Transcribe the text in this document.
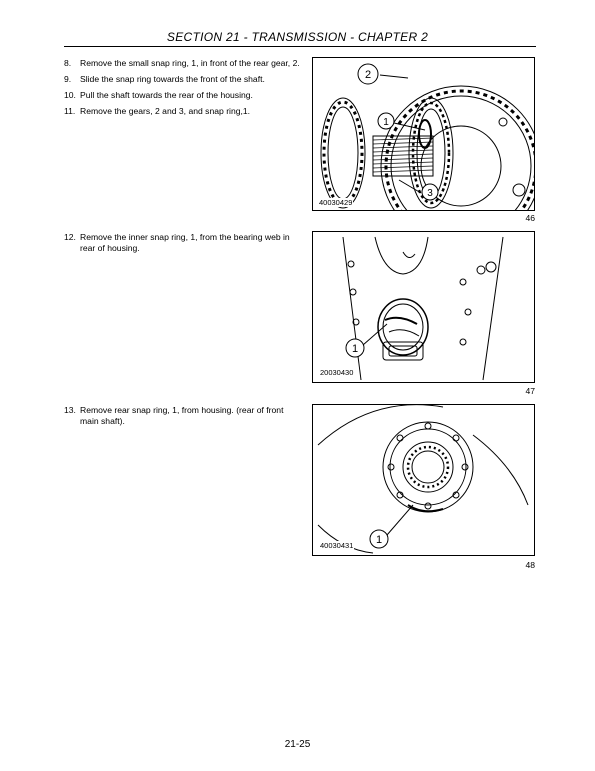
SECTION 21 - TRANSMISSION - CHAPTER 2
8. Remove the small snap ring, 1, in front of the rear gear, 2.
9. Slide the snap ring towards the front of the shaft.
10. Pull the shaft towards the rear of the housing.
11. Remove the gears, 2 and 3, and snap ring,1.
2
1
3
40030429
46
12. Remove the inner snap ring, 1, from the bearing web in rear of housing.
1
20030430
47
13. Remove rear snap ring, 1, from housing. (rear of front main shaft).
1
40030431
48
21-25
